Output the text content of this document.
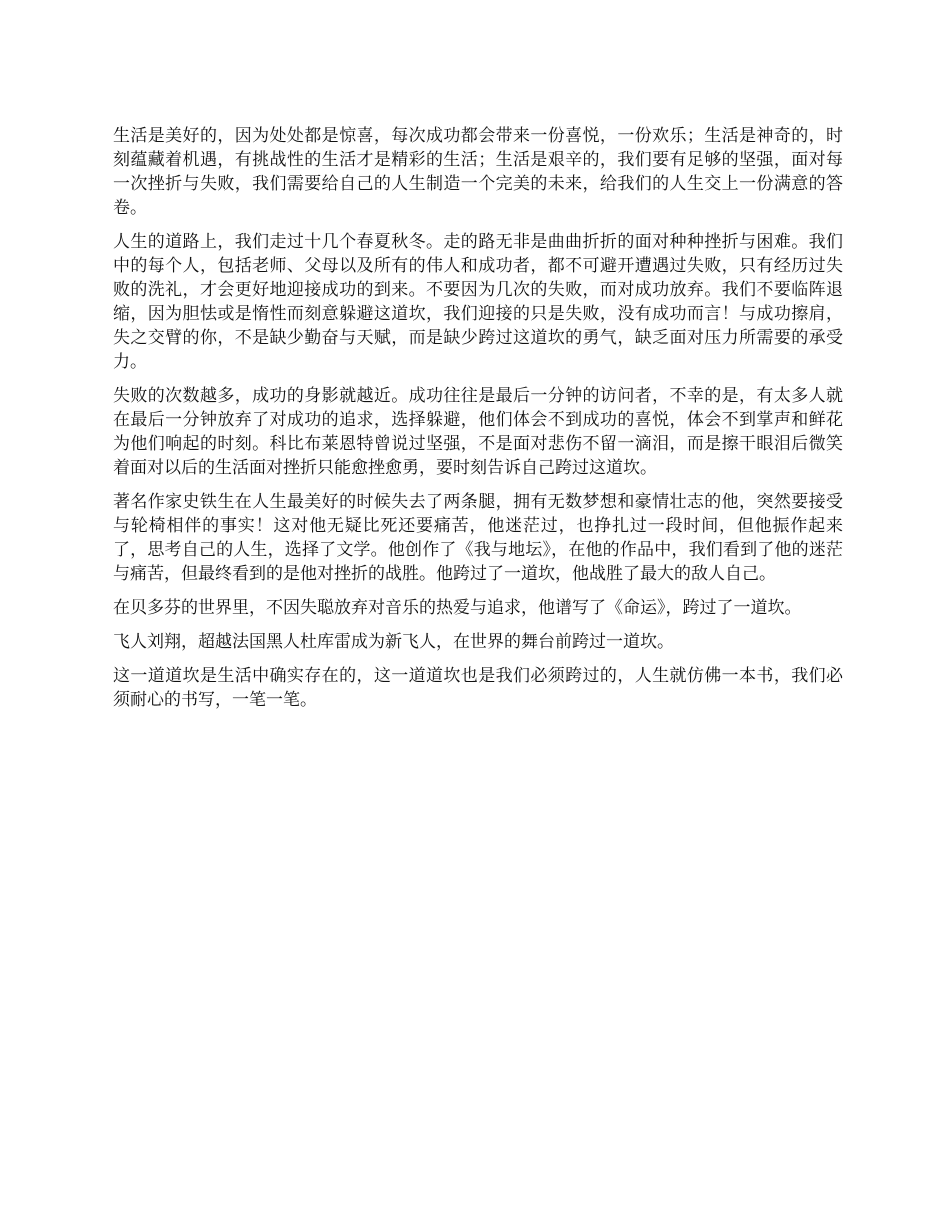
生活是美好的，因为处处都是惊喜，每次成功都会带来一份喜悦，一份欢乐；生活是神奇的，时刻蕴藏着机遇，有挑战性的生活才是精彩的生活；生活是艰辛的，我们要有足够的坚强，面对每一次挫折与失败，我们需要给自己的人生制造一个完美的未来，给我们的人生交上一份满意的答卷。

人生的道路上，我们走过十几个春夏秋冬。走的路无非是曲曲折折的面对种种挫折与困难。我们中的每个人，包括老师、父母以及所有的伟人和成功者，都不可避开遭遇过失败，只有经历过失败的洗礼，才会更好地迎接成功的到来。不要因为几次的失败，而对成功放弃。我们不要临阵退缩，因为胆怯或是惰性而刻意躲避这道坎，我们迎接的只是失败，没有成功而言！与成功擦肩，失之交臂的你，不是缺少勤奋与天赋，而是缺少跨过这道坎的勇气，缺乏面对压力所需要的承受力。

失败的次数越多，成功的身影就越近。成功往往是最后一分钟的访问者，不幸的是，有太多人就在最后一分钟放弃了对成功的追求，选择躲避，他们体会不到成功的喜悦，体会不到掌声和鲜花为他们响起的时刻。科比布莱恩特曾说过坚强，不是面对悲伤不留一滴泪，而是擦干眼泪后微笑着面对以后的生活面对挫折只能愈挫愈勇，要时刻告诉自己跨过这道坎。

著名作家史铁生在人生最美好的时候失去了两条腿，拥有无数梦想和豪情壮志的他，突然要接受与轮椅相伴的事实！这对他无疑比死还要痛苦，他迷茫过，也挣扎过一段时间，但他振作起来了，思考自己的人生，选择了文学。他创作了《我与地坛》，在他的作品中，我们看到了他的迷茫与痛苦，但最终看到的是他对挫折的战胜。他跨过了一道坎，他战胜了最大的敌人自己。

在贝多芬的世界里，不因失聪放弃对音乐的热爱与追求，他谱写了《命运》，跨过了一道坎。

飞人刘翔，超越法国黑人杜库雷成为新飞人，在世界的舞台前跨过一道坎。

这一道道坎是生活中确实存在的，这一道道坎也是我们必须跨过的，人生就仿佛一本书，我们必须耐心的书写，一笔一笔。
